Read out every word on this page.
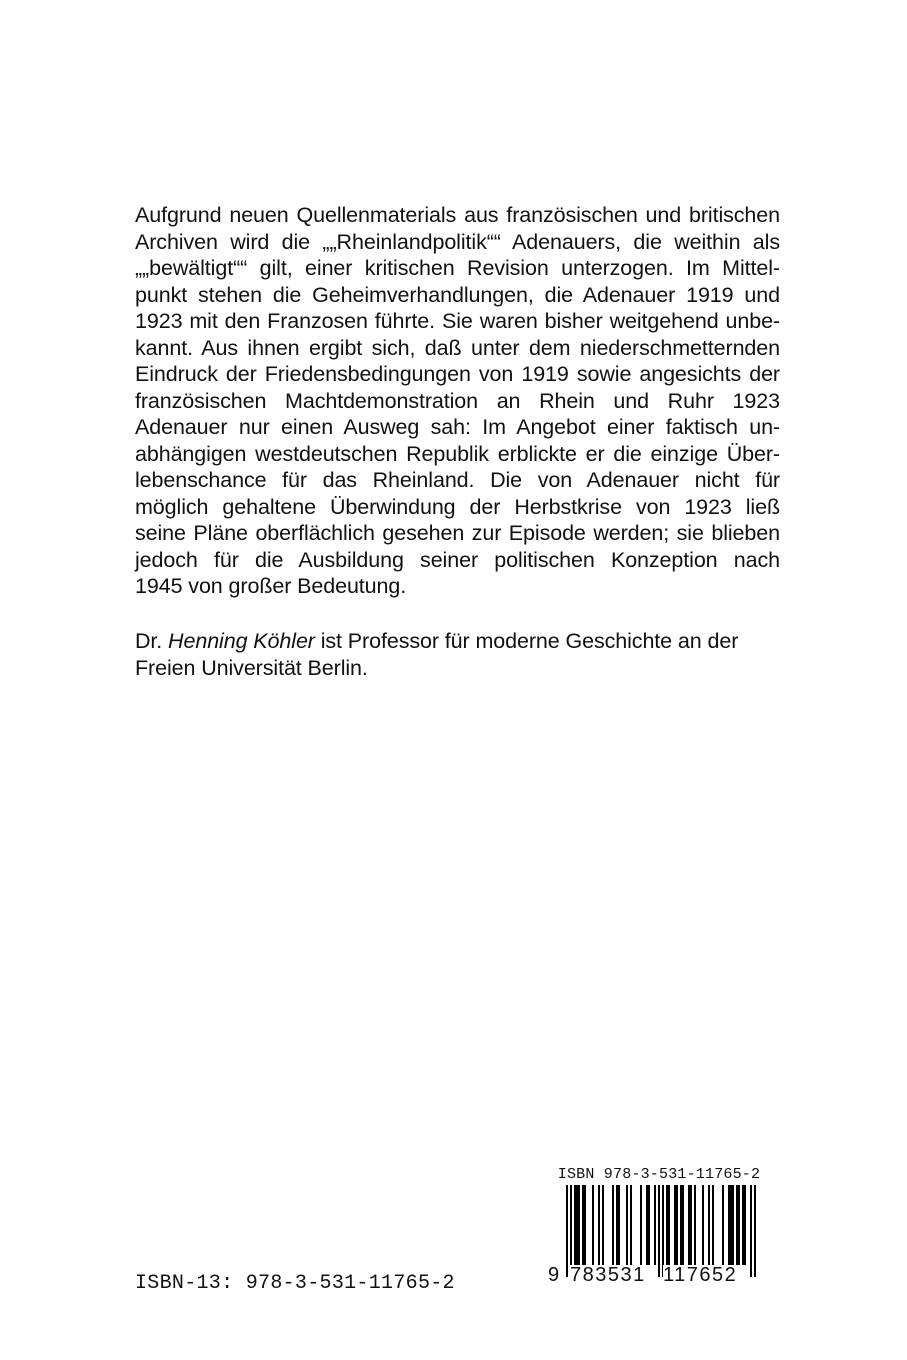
Aufgrund neuen Quellenmaterials aus französischen und britischen
Archiven wird die „„Rheinlandpolitik““ Adenauers, die weithin als
„„bewältigt““ gilt, einer kritischen Revision unterzogen. Im Mittel-
punkt stehen die Geheimverhandlungen, die Adenauer 1919 und
1923 mit den Franzosen führte. Sie waren bisher weitgehend unbe-
kannt. Aus ihnen ergibt sich, daß unter dem niederschmetternden
Eindruck der Friedensbedingungen von 1919 sowie angesichts der
französischen Machtdemonstration an Rhein und Ruhr 1923
Adenauer nur einen Ausweg sah: Im Angebot einer faktisch un-
abhängigen westdeutschen Republik erblickte er die einzige Über-
lebenschance für das Rheinland. Die von Adenauer nicht für
möglich gehaltene Überwindung der Herbstkrise von 1923 ließ
seine Pläne oberflächlich gesehen zur Episode werden; sie blieben
jedoch für die Ausbildung seiner politischen Konzeption nach
1945 von großer Bedeutung.
Dr. Henning Köhler ist Professor für moderne Geschichte an der
Freien Universität Berlin.
ISBN-13: 978-3-531-11765-2
ISBN 978-3-531-11765-2
9 783531 117652
